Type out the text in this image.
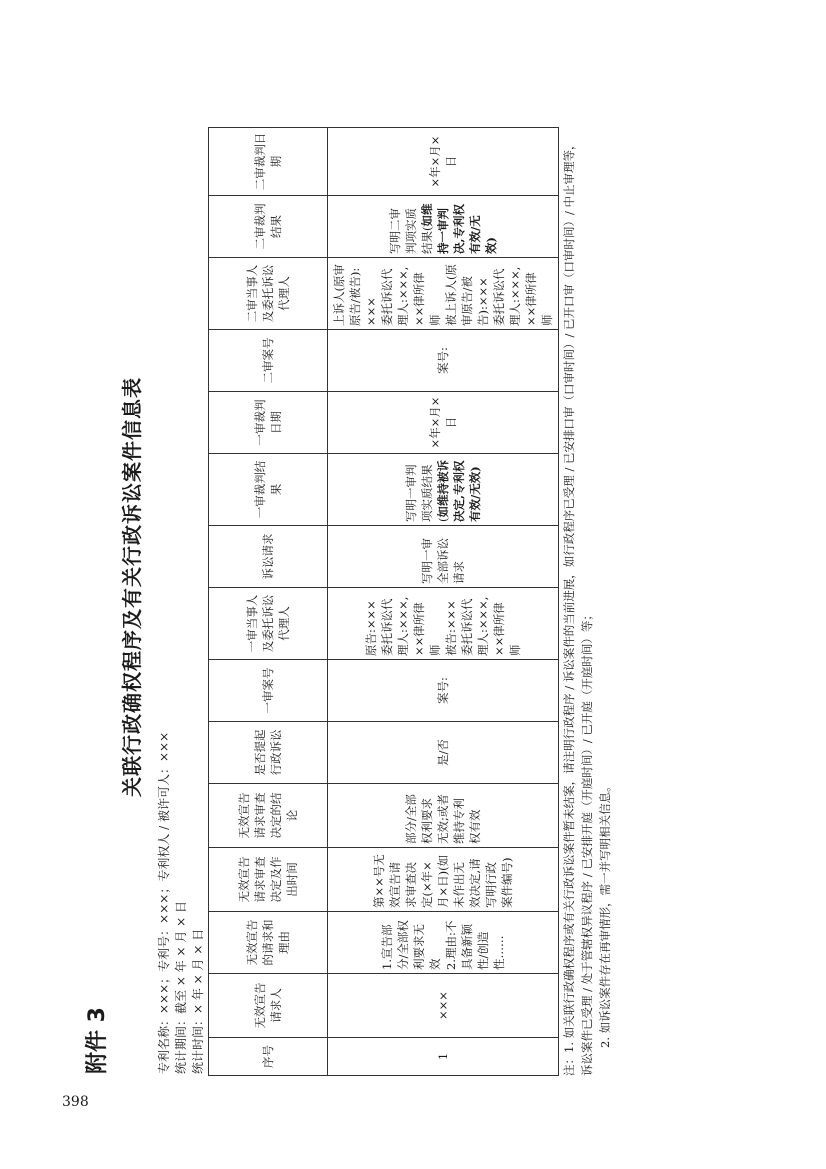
398
附件 3
关联行政确权程序及有关行政诉讼案件信息表
专利名称：×××；专利号：×××；专利权人 / 被许可人：××× 统计期间：截至 × 年 × 月 × 日 统计时间：× 年 × 月 × 日	序号	无效宣告请求人	无效宣告的请求和理由	无效宣告请求审查决定及作出时间	无效宣告请求审查决定的结论	是否提起行政诉讼	一审案号	一审当事人及委托诉讼代理人	诉讼请求	一审裁判结果	一审裁判日期	二审案号	二审当事人及委托诉讼代理人	二审裁判结果	二审裁判日期
1	×××	1.宣告部分/全部权利要求无效 2.理由:不具备新颖性/创造性……	第××号无效宣告请求审查决定(×年×月×日)(如未作出无效决定,请写明行政案件编号)	部分/全部权利要求无效;或者维持专利权有效	是/否	案号:	原告:××× 委托诉讼代理人:×××,××律所律师 被告:××× 委托诉讼代理人:×××,××律所律师	写明一审全部诉讼请求	写明一审判项实质结果(如维持被诉决定,专利权有效/无效)	×年×月×日	案号:	上诉人(原审原告/被告):××× 委托诉讼代理人:×××,××律所律师 被上诉人(原审原告/被告):××× 委托诉讼代理人:×××,××律所律师	写明二审判项实质结果(如维持一审判决,专利权有效/无效)	×年×月×日	注：1. 如关联行政确权程序或有关行政诉讼案件暂未结案，请注明行政程序 / 诉讼案件的当前进展，如行政程序已受理 / 已安排口审（口审时间）/ 已开口审（口审时间）/ 中止审理等，诉讼案件已受理 / 处于管辖权异议程序 / 已安排开庭（开庭时间）/ 已开庭（开庭时间）等； 2. 如诉讼案件存在再审情形，需一并写明相关信息。
